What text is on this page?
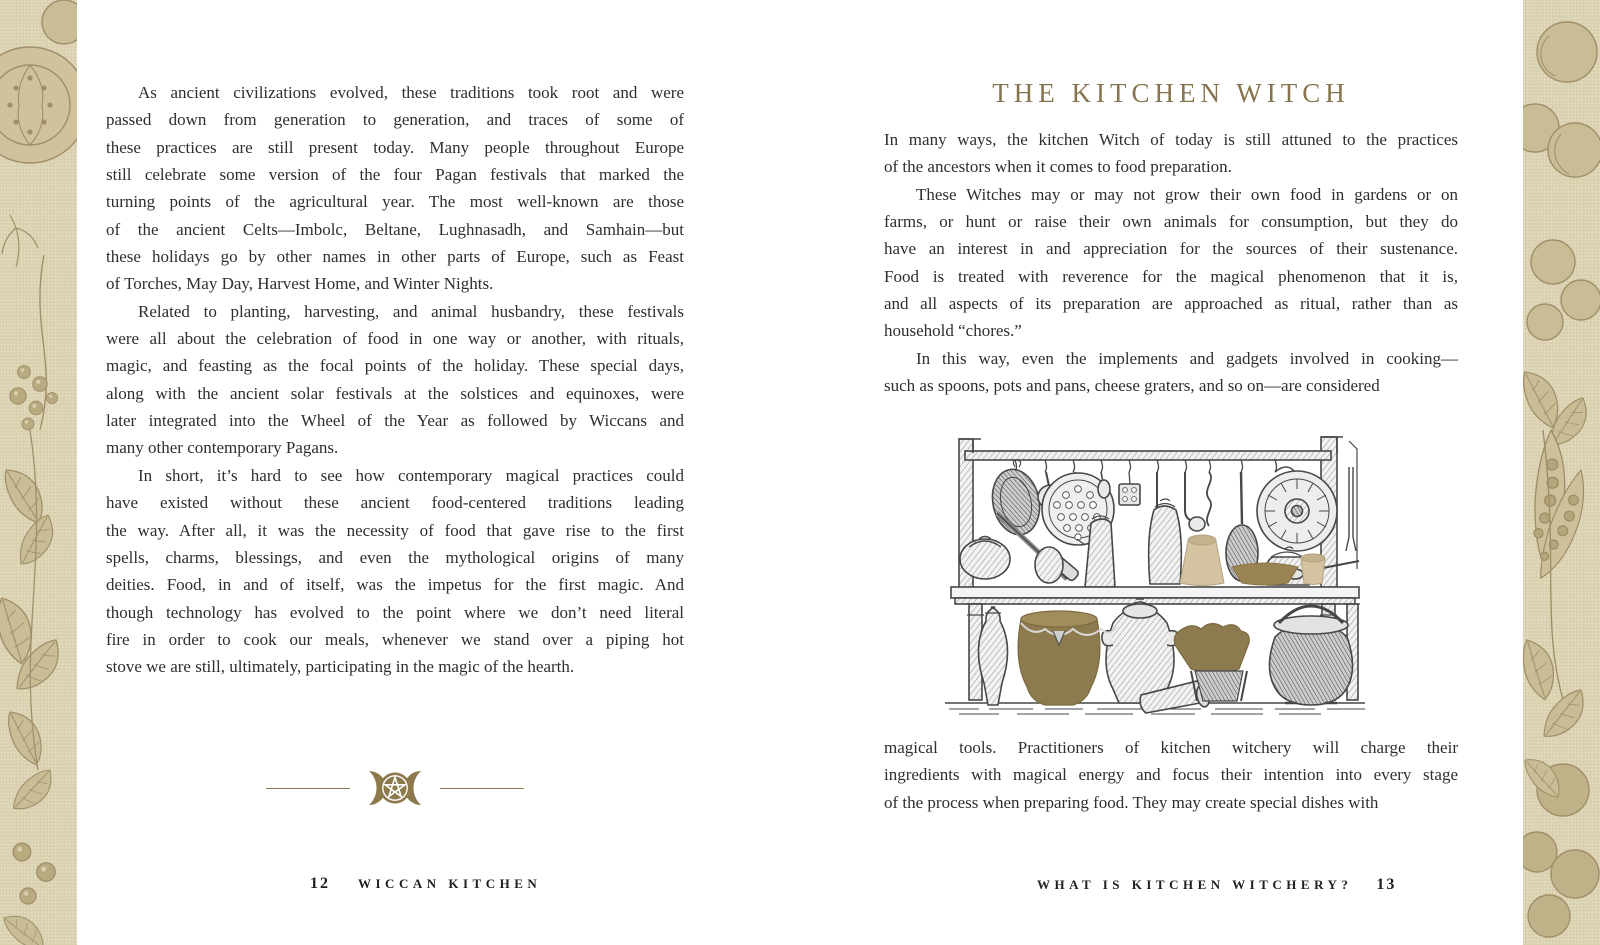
As ancient civilizations evolved, these traditions took root and were
passed down from generation to generation, and traces of some of
these practices are still present today. Many people throughout Europe
still celebrate some version of the four Pagan festivals that marked the
turning points of the agricultural year. The most well-known are those
of the ancient Celts—Imbolc, Beltane, Lughnasadh, and Samhain—but
these holidays go by other names in other parts of Europe, such as Feast
of Torches, May Day, Harvest Home, and Winter Nights.
Related to planting, harvesting, and animal husbandry, these festivals
were all about the celebration of food in one way or another, with rituals,
magic, and feasting as the focal points of the holiday. These special days,
along with the ancient solar festivals at the solstices and equinoxes, were
later integrated into the Wheel of the Year as followed by Wiccans and
many other contemporary Pagans.
In short, it’s hard to see how contemporary magical practices could
have existed without these ancient food-centered traditions leading
the way. After all, it was the necessity of food that gave rise to the first
spells, charms, blessings, and even the mythological origins of many
deities. Food, in and of itself, was the impetus for the first magic. And
though technology has evolved to the point where we don’t need literal
fire in order to cook our meals, whenever we stand over a piping hot
stove we are still, ultimately, participating in the magic of the hearth.
12 WICCAN KITCHEN
THE KITCHEN WITCH
In many ways, the kitchen Witch of today is still attuned to the practices
of the ancestors when it comes to food preparation.
These Witches may or may not grow their own food in gardens or on
farms, or hunt or raise their own animals for consumption, but they do
have an interest in and appreciation for the sources of their sustenance.
Food is treated with reverence for the magical phenomenon that it is,
and all aspects of its preparation are approached as ritual, rather than as
household “chores.”
In this way, even the implements and gadgets involved in cooking—
such as spoons, pots and pans, cheese graters, and so on—are considered
magical tools. Practitioners of kitchen witchery will charge their
ingredients with magical energy and focus their intention into every stage
of the process when preparing food. They may create special dishes with
WHAT IS KITCHEN WITCHERY? 13
